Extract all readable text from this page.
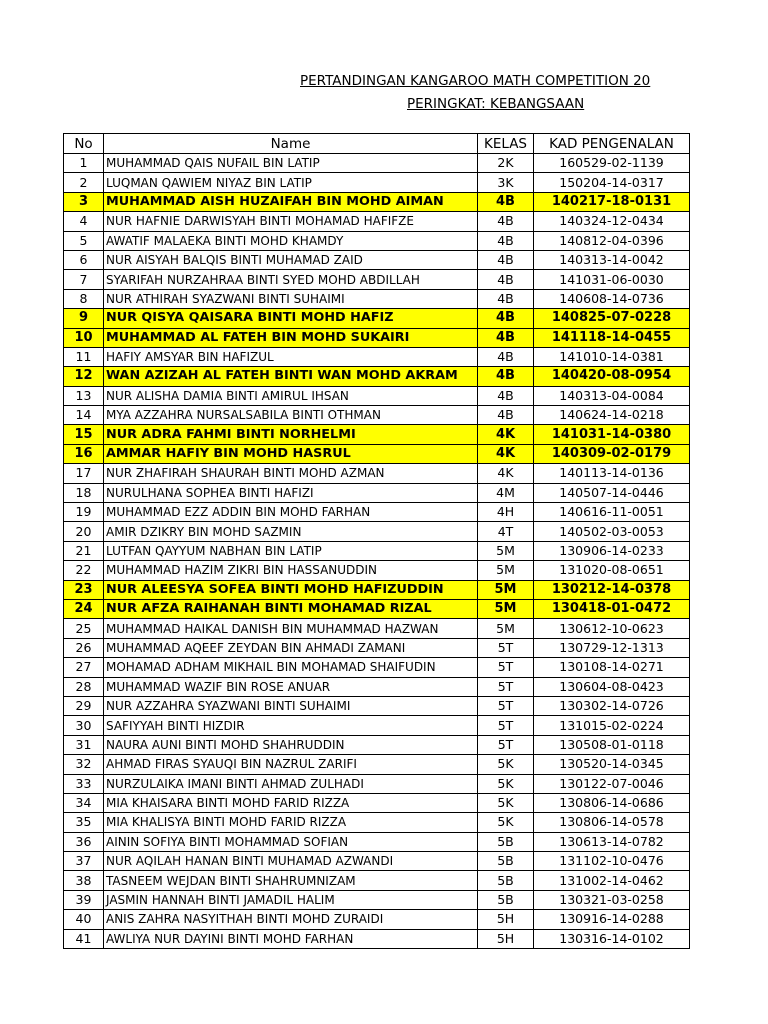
PERTANDINGAN KANGAROO MATH COMPETITION 20
PERINGKAT: KEBANGSAAN
No	Name	KELAS	KAD PENGENALAN
1	MUHAMMAD QAIS NUFAIL BIN LATIP	2K	160529-02-1139
2	LUQMAN QAWIEM NIYAZ BIN LATIP	3K	150204-14-0317
3	MUHAMMAD AISH HUZAIFAH BIN MOHD AIMAN	4B	140217-18-0131
4	NUR HAFNIE DARWISYAH BINTI MOHAMAD HAFIFZE	4B	140324-12-0434
5	AWATIF MALAEKA BINTI MOHD KHAMDY	4B	140812-04-0396
6	NUR AISYAH BALQIS BINTI MUHAMAD ZAID	4B	140313-14-0042
7	SYARIFAH NURZAHRAA BINTI SYED MOHD ABDILLAH	4B	141031-06-0030
8	NUR ATHIRAH SYAZWANI BINTI SUHAIMI	4B	140608-14-0736
9	NUR QISYA QAISARA BINTI MOHD HAFIZ	4B	140825-07-0228
10	MUHAMMAD AL FATEH BIN MOHD SUKAIRI	4B	141118-14-0455
11	HAFIY AMSYAR BIN HAFIZUL	4B	141010-14-0381
12	WAN AZIZAH AL FATEH BINTI WAN MOHD AKRAM	4B	140420-08-0954
13	NUR ALISHA DAMIA BINTI AMIRUL IHSAN	4B	140313-04-0084
14	MYA AZZAHRA NURSALSABILA BINTI OTHMAN	4B	140624-14-0218
15	NUR ADRA FAHMI BINTI NORHELMI	4K	141031-14-0380
16	AMMAR HAFIY BIN MOHD HASRUL	4K	140309-02-0179
17	NUR ZHAFIRAH SHAURAH BINTI MOHD AZMAN	4K	140113-14-0136
18	NURULHANA SOPHEA BINTI HAFIZI	4M	140507-14-0446
19	MUHAMMAD EZZ ADDIN BIN MOHD FARHAN	4H	140616-11-0051
20	AMIR DZIKRY BIN MOHD SAZMIN	4T	140502-03-0053
21	LUTFAN QAYYUM NABHAN BIN LATIP	5M	130906-14-0233
22	MUHAMMAD HAZIM ZIKRI BIN HASSANUDDIN	5M	131020-08-0651
23	NUR ALEESYA SOFEA BINTI MOHD HAFIZUDDIN	5M	130212-14-0378
24	NUR AFZA RAIHANAH BINTI MOHAMAD RIZAL	5M	130418-01-0472
25	MUHAMMAD HAIKAL DANISH BIN MUHAMMAD HAZWAN	5M	130612-10-0623
26	MUHAMMAD AQEEF ZEYDAN BIN AHMADI ZAMANI	5T	130729-12-1313
27	MOHAMAD ADHAM MIKHAIL BIN MOHAMAD SHAIFUDIN	5T	130108-14-0271
28	MUHAMMAD WAZIF BIN ROSE ANUAR	5T	130604-08-0423
29	NUR AZZAHRA SYAZWANI BINTI SUHAIMI	5T	130302-14-0726
30	SAFIYYAH BINTI HIZDIR	5T	131015-02-0224
31	NAURA AUNI BINTI MOHD SHAHRUDDIN	5T	130508-01-0118
32	AHMAD FIRAS SYAUQI BIN NAZRUL ZARIFI	5K	130520-14-0345
33	NURZULAIKA IMANI BINTI AHMAD ZULHADI	5K	130122-07-0046
34	MIA KHAISARA BINTI MOHD FARID RIZZA	5K	130806-14-0686
35	MIA KHALISYA BINTI MOHD FARID RIZZA	5K	130806-14-0578
36	AININ SOFIYA BINTI MOHAMMAD SOFIAN	5B	130613-14-0782
37	NUR AQILAH HANAN BINTI MUHAMAD AZWANDI	5B	131102-10-0476
38	TASNEEM WEJDAN BINTI SHAHRUMNIZAM	5B	131002-14-0462
39	JASMIN HANNAH BINTI JAMADIL HALIM	5B	130321-03-0258
40	ANIS ZAHRA NASYITHAH BINTI MOHD ZURAIDI	5H	130916-14-0288
41	AWLIYA NUR DAYINI BINTI MOHD FARHAN	5H	130316-14-0102
